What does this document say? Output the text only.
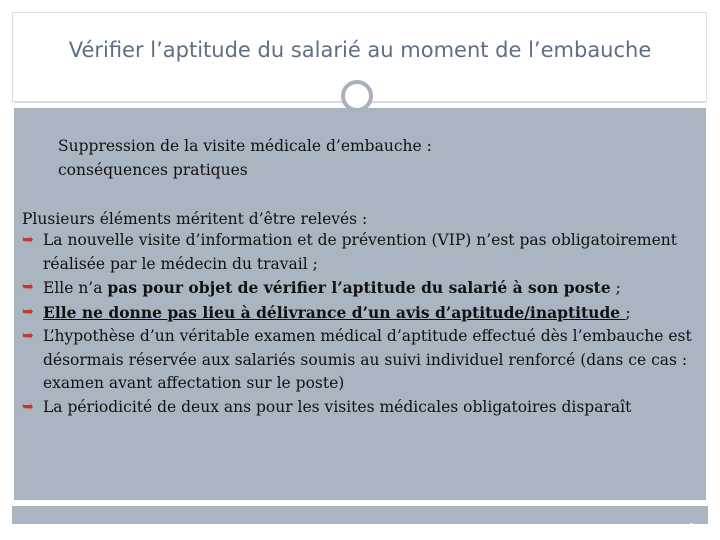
Vérifier l’aptitude du salarié au moment de l’embauche
Suppression de la visite médicale d’embauche :
conséquences pratiques
Plusieurs éléments méritent d’être relevés :
➥ La nouvelle visite d’information et de prévention (VIP) n’est pas obligatoirement réalisée par le médecin du travail ;
➥ Elle n’a pas pour objet de vérifier l’aptitude du salarié à son poste ;
➥ Elle ne donne pas lieu à délivrance d’un avis d’aptitude/inaptitude ;
➥ L’hypothèse d’un véritable examen médical d’aptitude effectué dès l’embauche est désormais réservée aux salariés soumis au suivi individuel renforcé (dans ce cas : examen avant affectation sur le poste)
➥ La périodicité de deux ans pour les visites médicales obligatoires disparaît
